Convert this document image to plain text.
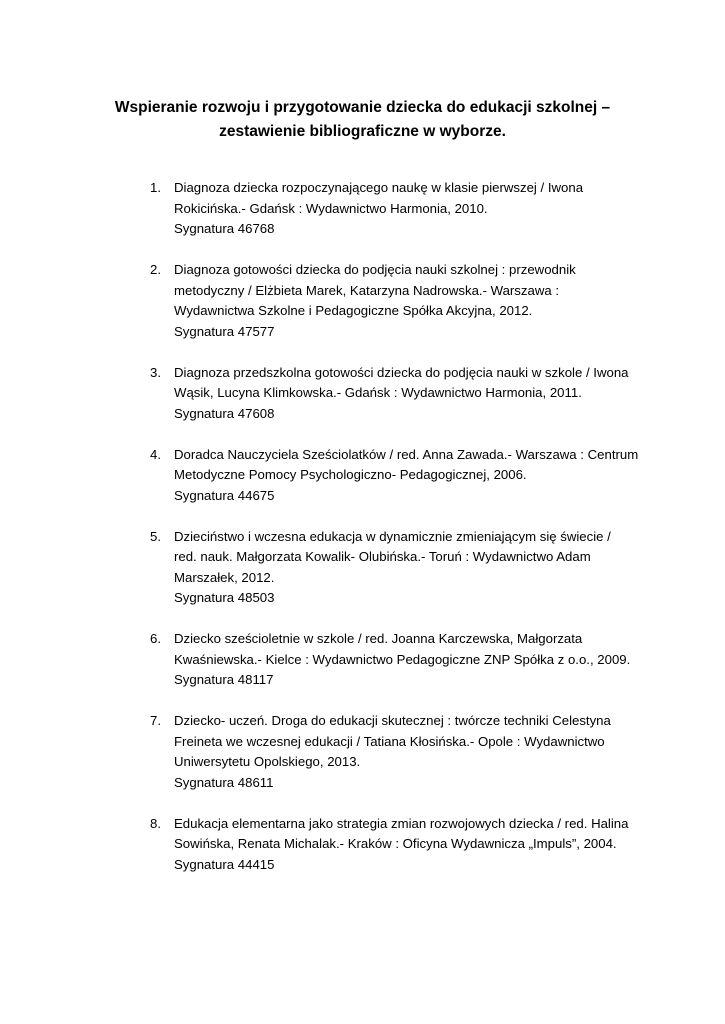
Wspieranie rozwoju i przygotowanie dziecka do edukacji szkolnej –
zestawienie bibliograficzne w wyborze.
1. Diagnoza dziecka rozpoczynającego naukę w klasie pierwszej / Iwona
Rokicińska.- Gdańsk : Wydawnictwo Harmonia, 2010.
Sygnatura 46768
2. Diagnoza gotowości dziecka do podjęcia nauki szkolnej : przewodnik
metodyczny / Elżbieta Marek, Katarzyna Nadrowska.- Warszawa :
Wydawnictwa Szkolne i Pedagogiczne Spółka Akcyjna, 2012.
Sygnatura 47577
3. Diagnoza przedszkolna gotowości dziecka do podjęcia nauki w szkole / Iwona
Wąsik, Lucyna Klimkowska.- Gdańsk : Wydawnictwo Harmonia, 2011.
Sygnatura 47608
4. Doradca Nauczyciela Sześciolatków / red. Anna Zawada.- Warszawa : Centrum
Metodyczne Pomocy Psychologiczno- Pedagogicznej, 2006.
Sygnatura 44675
5. Dzieciństwo i wczesna edukacja w dynamicznie zmieniającym się świecie /
red. nauk. Małgorzata Kowalik- Olubińska.- Toruń : Wydawnictwo Adam
Marszałek, 2012.
Sygnatura 48503
6. Dziecko sześcioletnie w szkole / red. Joanna Karczewska, Małgorzata
Kwaśniewska.- Kielce : Wydawnictwo Pedagogiczne ZNP Spółka z o.o., 2009.
Sygnatura 48117
7. Dziecko- uczeń. Droga do edukacji skutecznej : twórcze techniki Celestyna
Freineta we wczesnej edukacji / Tatiana Kłosińska.- Opole : Wydawnictwo
Uniwersytetu Opolskiego, 2013.
Sygnatura 48611
8. Edukacja elementarna jako strategia zmian rozwojowych dziecka / red. Halina
Sowińska, Renata Michalak.- Kraków : Oficyna Wydawnicza „Impuls”, 2004.
Sygnatura 44415
